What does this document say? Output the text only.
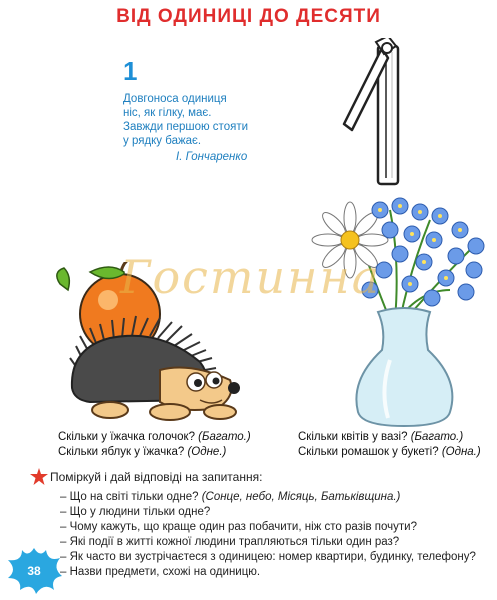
ВІД ОДИНИЦІ ДО ДЕСЯТИ
1
Довгоноса одиниця
ніс, як гілку, має.
Завжди першою стояти
у рядку бажає.
І. Гончаренко
Гостинна
Скільки у їжачка голочок? (Багато.)
Скільки яблук у їжачка? (Одне.)
Скільки квітів у вазі? (Багато.)
Скільки ромашок у букеті? (Одна.)
Поміркуй і дай відповіді на запитання:
– Що на світі тільки одне? (Сонце, небо, Місяць, Батьківщина.)
– Що у людини тільки одне?
– Чому кажуть, що краще один раз побачити, ніж сто разів почути?
– Які події в житті кожної людини трапляються тільки один раз?
– Як часто ви зустрічаєтеся з одиницею: номер квартири, будинку, телефону?
– Назви предмети, схожі на одиницю.
38
